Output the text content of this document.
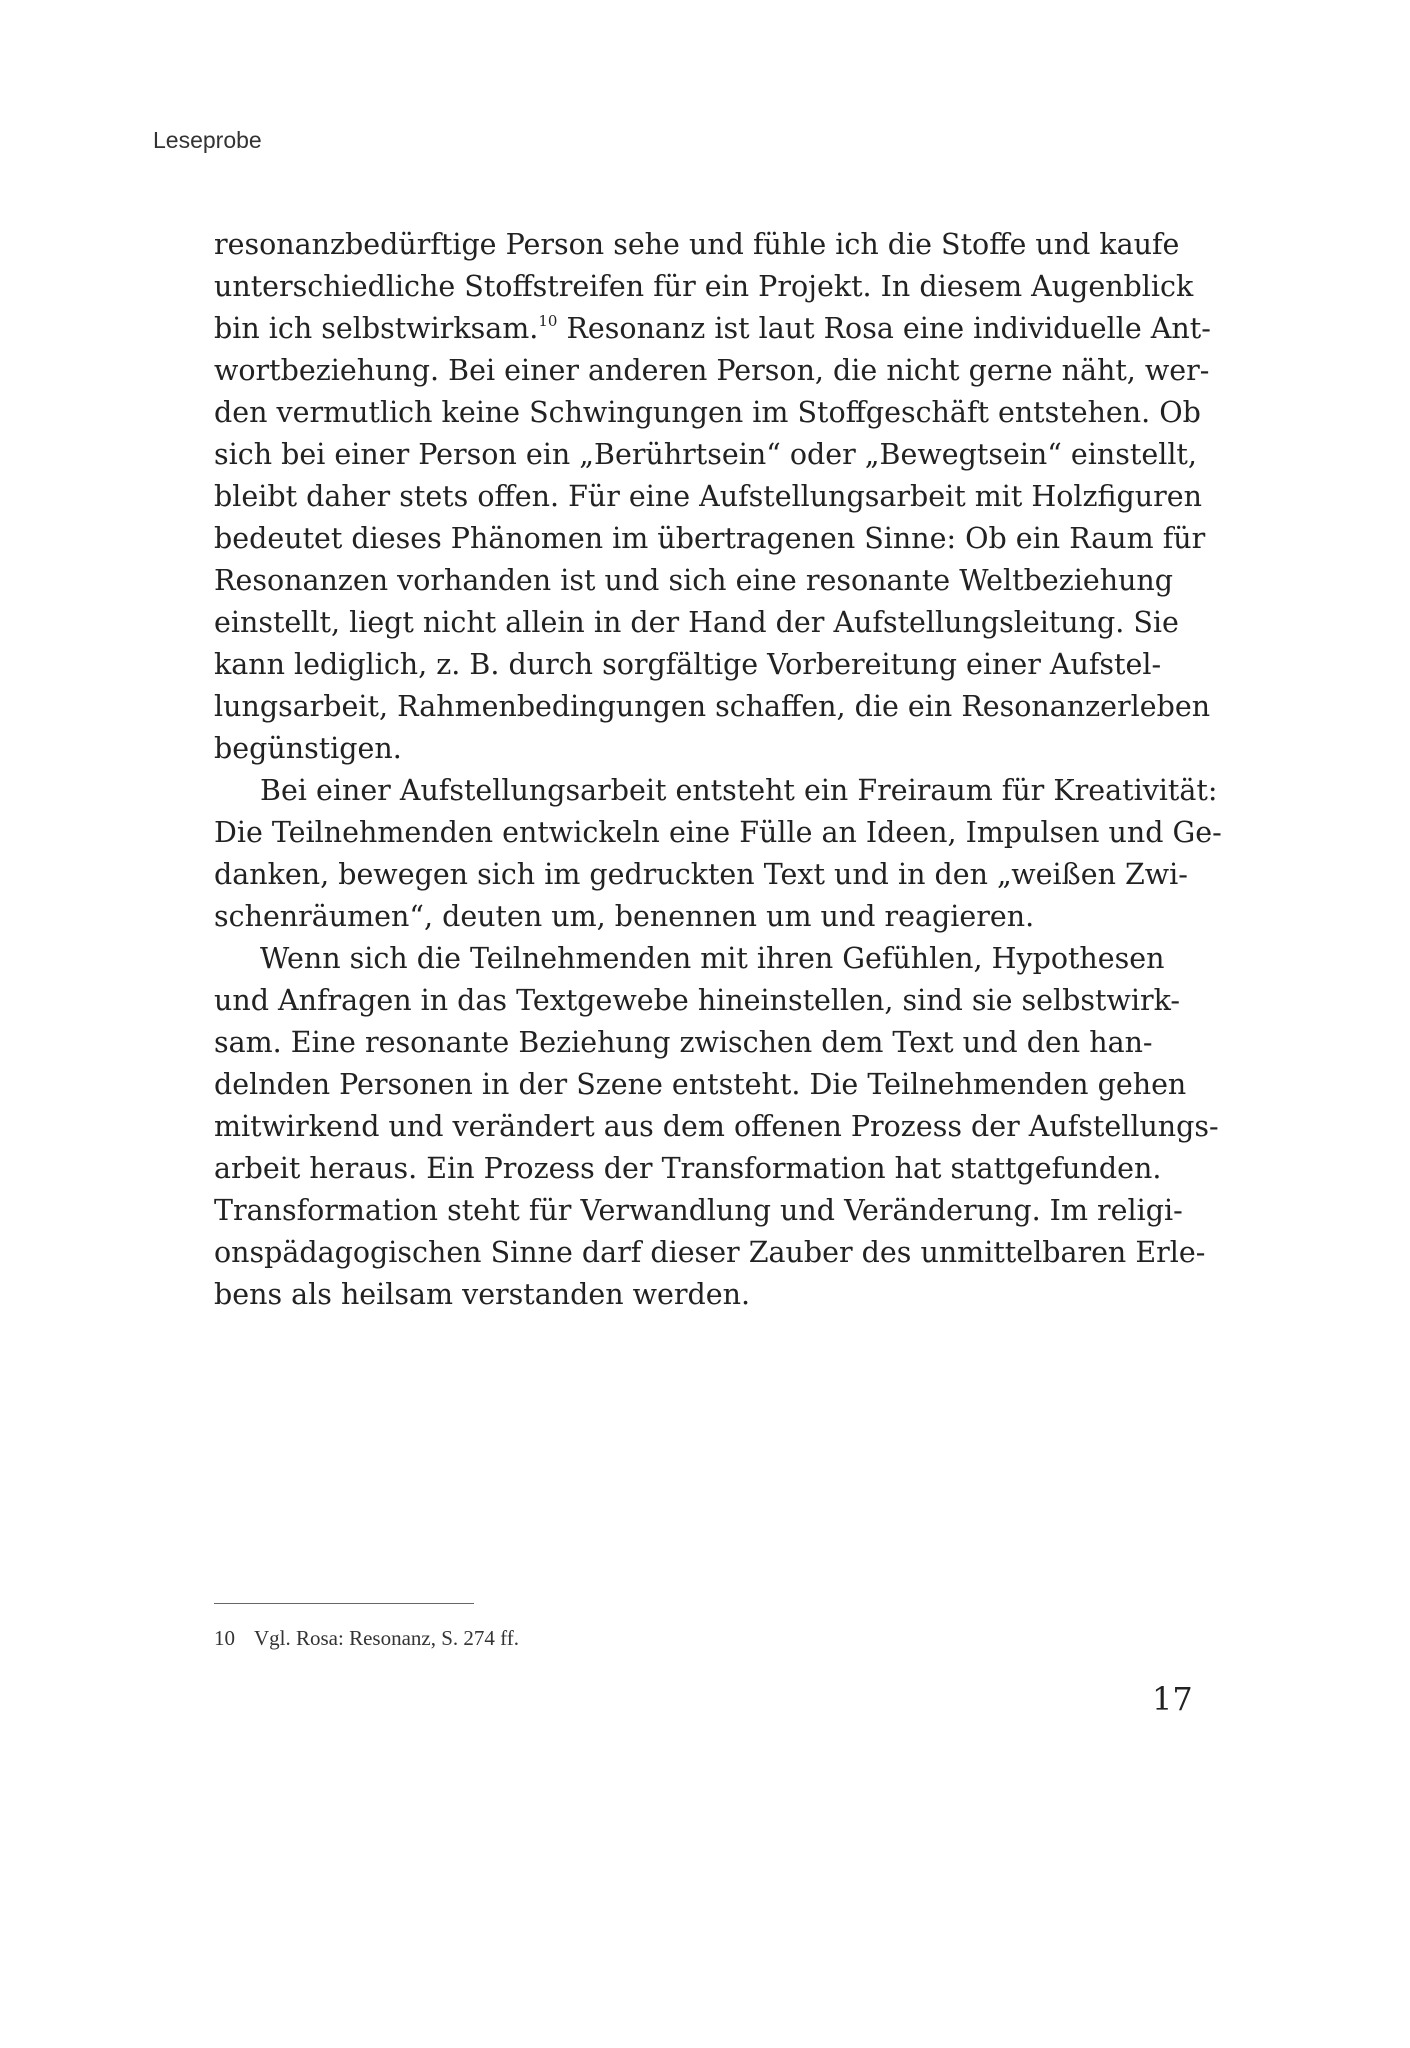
Leseprobe

resonanzbedürftige Person sehe und fühle ich die Stoffe und kaufe
unterschiedliche Stoffstreifen für ein Projekt. In diesem Augenblick
bin ich selbstwirksam.$^{10}$ Resonanz ist laut Rosa eine individuelle Ant-
wortbeziehung. Bei einer anderen Person, die nicht gerne näht, wer-
den vermutlich keine Schwingungen im Stoffgeschäft entstehen. Ob
sich bei einer Person ein „Berührtsein“ oder „Bewegtsein“ einstellt,
bleibt daher stets offen. Für eine Aufstellungsarbeit mit Holzfiguren
bedeutet dieses Phänomen im übertragenen Sinne: Ob ein Raum für
Resonanzen vorhanden ist und sich eine resonante Weltbeziehung
einstellt, liegt nicht allein in der Hand der Aufstellungsleitung. Sie
kann lediglich, z. B. durch sorgfältige Vorbereitung einer Aufstel-
lungsarbeit, Rahmenbedingungen schaffen, die ein Resonanzerleben
begünstigen.
Bei einer Aufstellungsarbeit entsteht ein Freiraum für Kreativität:
Die Teilnehmenden entwickeln eine Fülle an Ideen, Impulsen und Ge-
danken, bewegen sich im gedruckten Text und in den „weißen Zwi-
schenräumen“, deuten um, benennen um und reagieren.
Wenn sich die Teilnehmenden mit ihren Gefühlen, Hypothesen
und Anfragen in das Textgewebe hineinstellen, sind sie selbstwirk-
sam. Eine resonante Beziehung zwischen dem Text und den han-
delnden Personen in der Szene entsteht. Die Teilnehmenden gehen
mitwirkend und verändert aus dem offenen Prozess der Aufstellungs-
arbeit heraus. Ein Prozess der Transformation hat stattgefunden.
Transformation steht für Verwandlung und Veränderung. Im religi-
onspädagogischen Sinne darf dieser Zauber des unmittelbaren Erle-
bens als heilsam verstanden werden.
10 Vgl. Rosa: Resonanz, S. 274 ff.
17
